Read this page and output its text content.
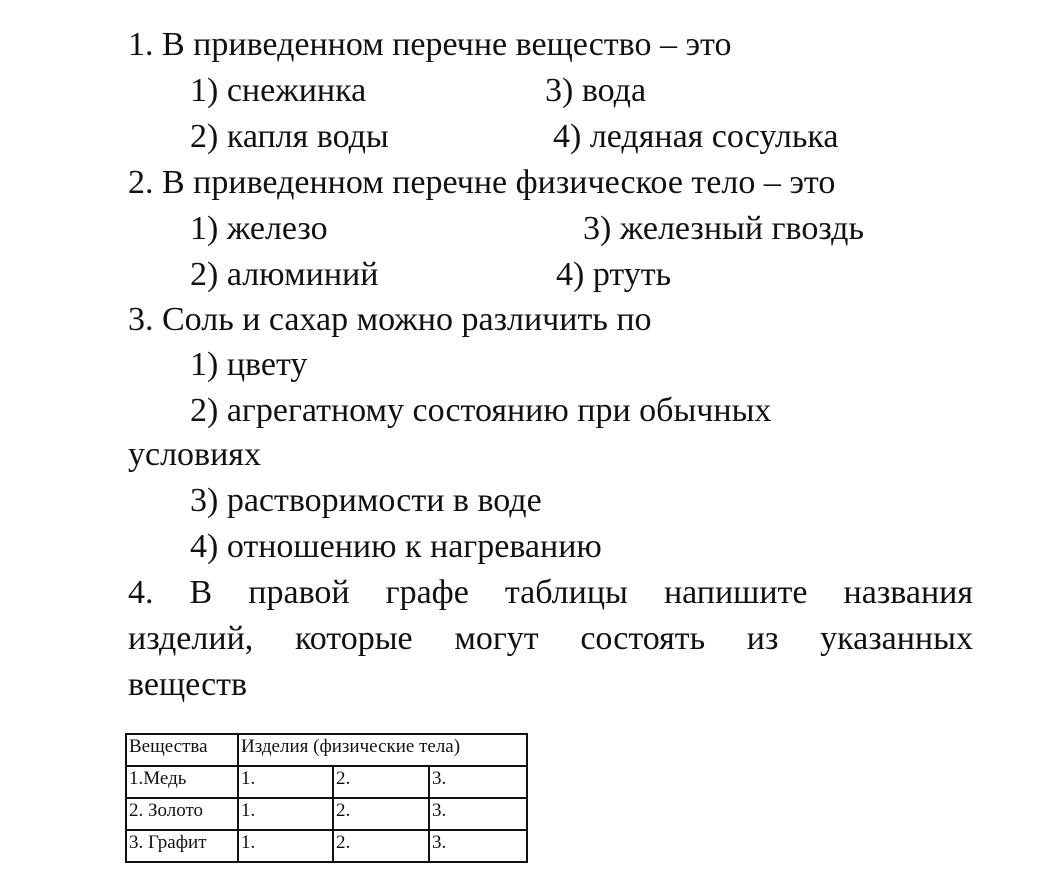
1. В приведенном перечне вещество – это
1) снежинка	3) вода
2) капля воды	4) ледяная сосулька
2. В приведенном перечне физическое тело – это
1) железо	3) железный гвоздь
2) алюминий	4) ртуть
3. Соль и сахар можно различить по
1) цвету
2) агрегатному состоянию при обычных
условиях
3) растворимости в воде
4) отношению к нагреванию
4. В правой графе таблицы напишите названия
изделий, которые могут состоять из указанных
веществ
Вещества	Изделия (физические тела)		
1.Медь	1.	2.	3.
2. Золото	1.	2.	3.
3. Графит	1.	2.	3.
